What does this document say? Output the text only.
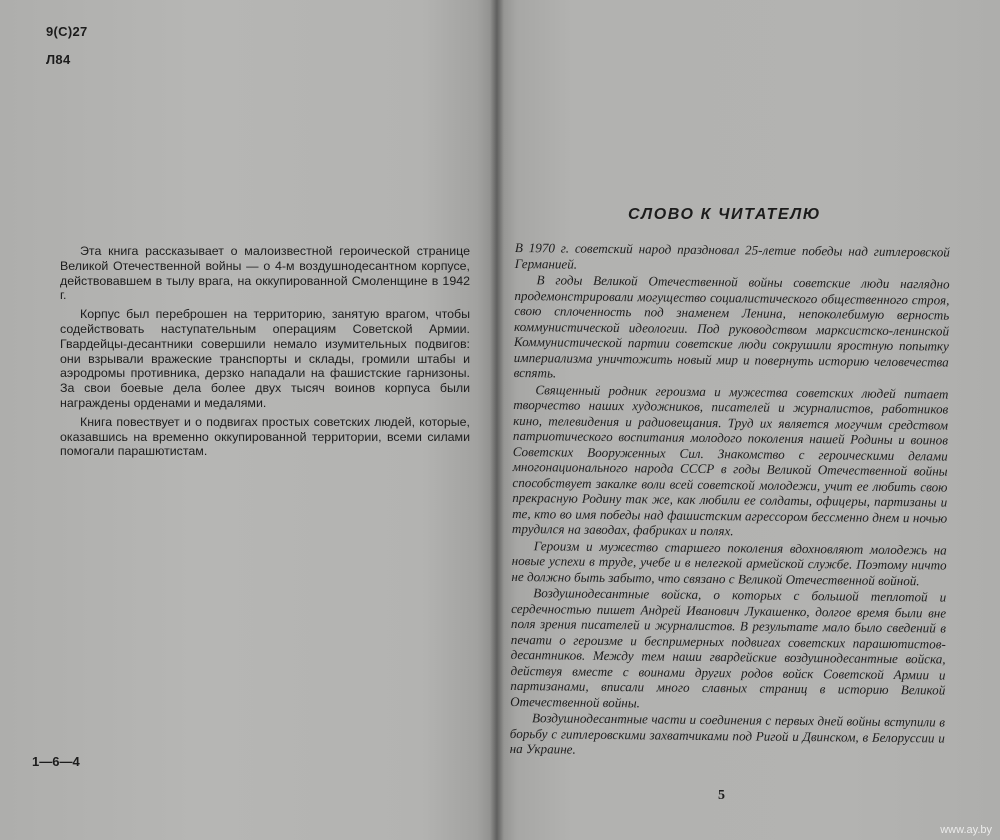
9(С)27
Л84

Эта книга рассказывает о малоизвестной героической странице Великой Отечественной войны — о 4-м воздушнодесантном корпусе, действовавшем в тылу врага, на оккупированной Смоленщине в 1942 г.

Корпус был переброшен на территорию, занятую врагом, чтобы содействовать наступательным операциям Советской Армии. Гвардейцы-десантники совершили немало изумительных подвигов: они взрывали вражеские транспорты и склады, громили штабы и аэродромы противника, дерзко нападали на фашистские гарнизоны. За свои боевые дела более двух тысяч воинов корпуса были награждены орденами и медалями.

Книга повествует и о подвигах простых советских людей, которые, оказавшись на временно оккупированной территории, всеми силами помогали парашютистам.

1—6—4
СЛОВО К ЧИТАТЕЛЮ

В 1970 г. советский народ праздновал 25-летие победы над гитлеровской Германией.

В годы Великой Отечественной войны советские люди наглядно продемонстрировали могущество социалистического общественного строя, свою сплоченность под знаменем Ленина, непоколебимую верность коммунистической идеологии. Под руководством марксистско-ленинской Коммунистической партии советские люди сокрушили яростную попытку империализма уничтожить новый мир и повернуть историю человечества вспять.

Священный родник героизма и мужества советских людей питает творчество наших художников, писателей и журналистов, работников кино, телевидения и радиовещания. Труд их является могучим средством патриотического воспитания молодого поколения нашей Родины и воинов Советских Вооруженных Сил. Знакомство с героическими делами многонационального народа СССР в годы Великой Отечественной войны способствует закалке воли всей советской молодежи, учит ее любить свою прекрасную Родину так же, как любили ее солдаты, офицеры, партизаны и те, кто во имя победы над фашистским агрессором бессменно днем и ночью трудился на заводах, фабриках и полях.

Героизм и мужество старшего поколения вдохновляют молодежь на новые успехи в труде, учебе и в нелегкой армейской службе. Поэтому ничто не должно быть забыто, что связано с Великой Отечественной войной.

Воздушнодесантные войска, о которых с большой теплотой и сердечностью пишет Андрей Иванович Лукашенко, долгое время были вне поля зрения писателей и журналистов. В результате мало было сведений в печати о героизме и беспримерных подвигах советских парашютистов-десантников. Между тем наши гвардейские воздушнодесантные войска, действуя вместе с воинами других родов войск Советской Армии и партизанами, вписали много славных страниц в историю Великой Отечественной войны.

Воздушнодесантные части и соединения с первых дней войны вступили в борьбу с гитлеровскими захватчиками под Ригой и Двинском, в Белоруссии и на Украине.

5
www.ay.by
